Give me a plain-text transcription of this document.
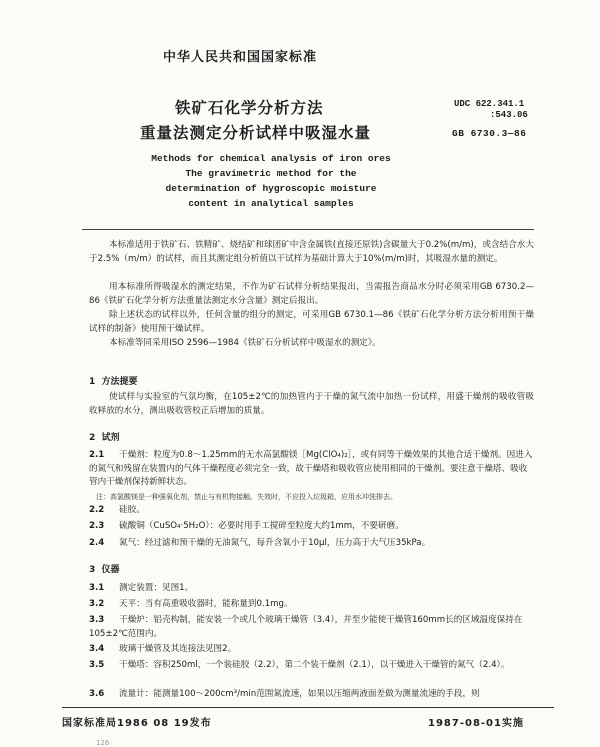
中华人民共和国国家标准
铁矿石化学分析方法
重量法测定分析试样中吸湿水量
UDC 622.341.1
:543.06
GB 6730.3—86
Methods for chemical analysis of iron ores
The gravimetric method for the
determination of hygroscopic moisture
content in analytical samples
本标准适用于铁矿石、铁精矿、烧结矿和球团矿中含金属铁(直接还原铁)含碳量大于0.2%(m/m)，或含结合水大于2.5%（m/m）的试样，而且其测定组分析值以干试样为基础计算大于10%(m/m)时，其吸湿水量的测定。
用本标准所得吸湿水的测定结果，不作为矿石试样分析结果报出，当需报告商品水分时必须采用GB 6730.2—86《铁矿石化学分析方法重量法测定水分含量》测定后报出。
除上述状态的试样以外，任何含量的组分的测定，可采用GB 6730.1—86《铁矿石化学分析方法分析用预干燥试样的制备》使用预干燥试样。
本标准等同采用ISO 2596—1984《铁矿石分析试样中吸湿水的测定》。
1 方法提要
使试样与实验室的气氛均衡，在105±2℃的加热管内于干燥的氮气流中加热一份试样，用盛干燥剂的吸收管吸收释放的水分，测出吸收管校正后增加的质量。
2 试剂
2.1 干燥剂：粒度为0.8～1.25mm的无水高氯酸镁［Mg(ClO₄)₂］，或有同等干燥效果的其他合适干燥剂。因进入的氮气和残留在装置内的气体干燥程度必须完全一致，故干燥塔和吸收管应使用相同的干燥剂。要注意干燥塔、吸收管内干燥剂保持新鲜状态。
注：高氯酸镁是一种强氧化剂，禁止与有机物接触。失效时，不应投入垃圾箱，应用水冲洗排去。
2.2 硅胶。
2.3 硫酸铜（CuSO₄·5H₂O）：必要时用手工搅碎至粒度大约1mm，不要研磨。
2.4 氮气：经过滤和预干燥的无油氮气，每升含氧小于10μl，压力高于大气压35kPa。
3 仪器
3.1 测定装置：见图1。
3.2 天平：当有高重吸收器时，能称量到0.1mg。
3.3 干燥炉：铝壳构制，能安装一个或几个玻璃干燥管（3.4），并至少能使干燥管160mm长的区域温度保持在105±2℃范围内。
3.4 玻璃干燥管及其连接法见图2。
3.5 干燥塔：容积250ml，一个装硅胶（2.2），第二个装干燥剂（2.1），以干燥进入干燥管的氮气（2.4）。
3.6 流量计：能测量100～200cm³/min范围氮流速，如果以压缩两液面差做为测量流速的手段，则
国家标准局1986 08 19发布	1987-08-01实施
126
